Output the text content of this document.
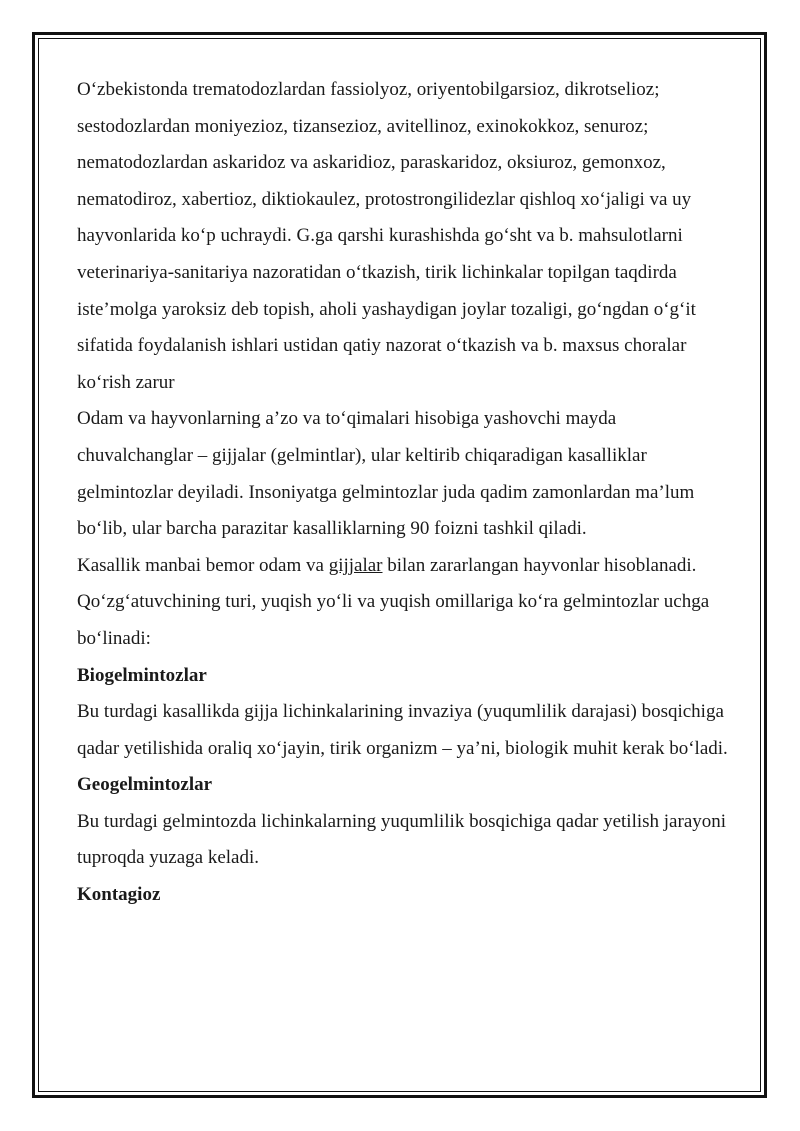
O‘zbekistonda trematodozlardan fassiolyoz, oriyentobilgarsioz, dikrotselioz; sestodozlardan moniyezioz, tizansezioz, avitellinoz, exinokokkoz, senuroz; nematodozlardan askaridoz va askaridioz, paraskaridoz, oksiuroz, gemonxoz, nematodiroz, xabertioz, diktiokaulez, protostrongilidezlar qishloq xo‘jaligi va uy hayvonlarida ko‘p uchraydi. G.ga qarshi kurashishda go‘sht va b. mahsulotlarni veterinariya-sanitariya nazoratidan o‘tkazish, tirik lichinkalar topilgan taqdirda iste’molga yaroksiz deb topish, aholi yashaydigan joylar tozaligi, go‘ngdan o‘g‘it sifatida foydalanish ishlari ustidan qatiy nazorat o‘tkazish va b. maxsus choralar ko‘rish zarur

Odam va hayvonlarning a’zo va to‘qimalari hisobiga yashovchi mayda chuvalchanglar – gijjalar (gelmintlar), ular keltirib chiqaradigan kasalliklar gelmintozlar deyiladi. Insoniyatga gelmintozlar juda qadim zamonlardan ma’lum bo‘lib, ular barcha parazitar kasalliklarning 90 foizni tashkil qiladi.

Kasallik manbai bemor odam va gijjalar bilan zararlangan hayvonlar hisoblanadi. Qo‘zg‘atuvchining turi, yuqish yo‘li va yuqish omillariga ko‘ra gelmintozlar uchga bo‘linadi:

Biogelmintozlar

Bu turdagi kasallikda gijja lichinkalarining invaziya (yuqumlilik darajasi) bosqichiga qadar yetilishida oraliq xo‘jayin, tirik organizm – ya’ni, biologik muhit kerak bo‘ladi.

Geogelmintozlar

Bu turdagi gelmintozda lichinkalarning yuqumlilik bosqichiga qadar yetilish jarayoni tuproqda yuzaga keladi.

Kontagioz
